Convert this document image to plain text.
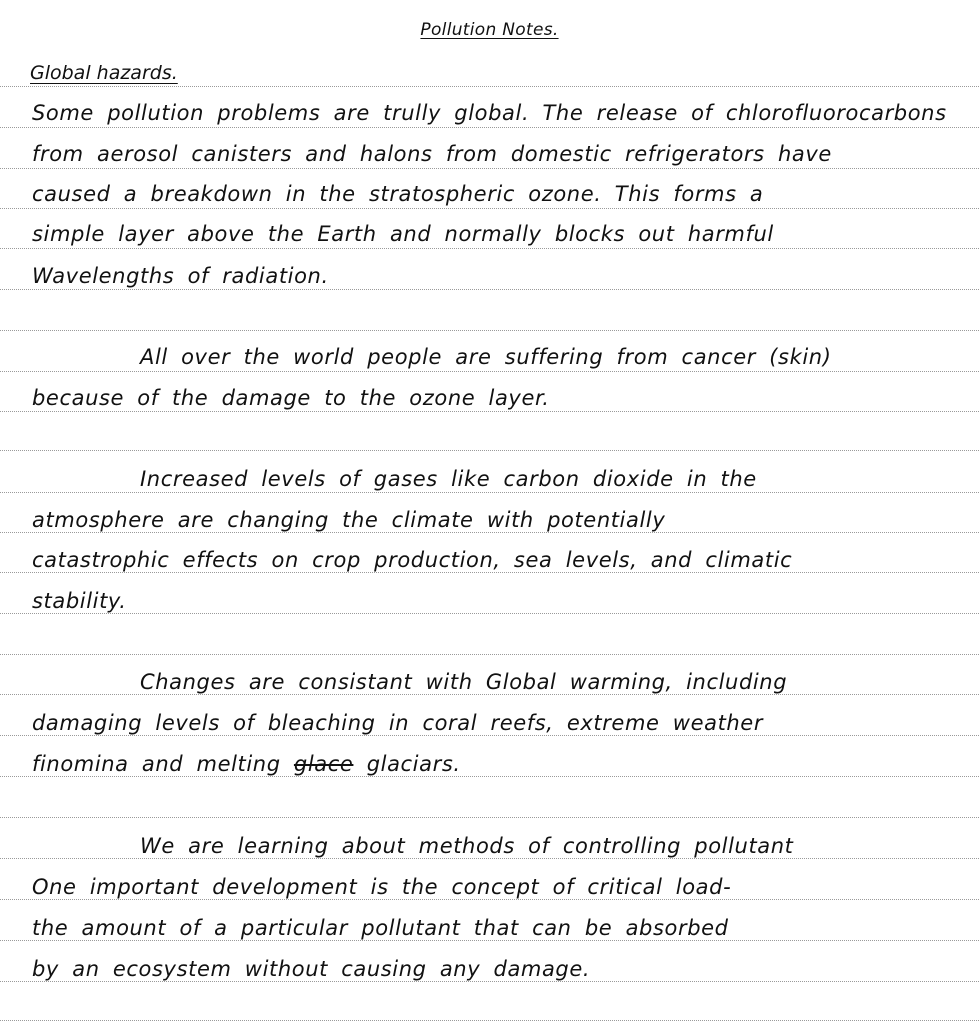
Pollution Notes.
Global hazards.
Some pollution problems are trully global. The release of chlorofluorocarbons
from aerosol canisters and halons from domestic refrigerators have
caused a breakdown in the stratospheric ozone. This forms a
simple layer above the Earth and normally blocks out harmful
Wavelengths of radiation.
All over the world people are suffering from cancer (skin)
because of the damage to the ozone layer.
Increased levels of gases like carbon dioxide in the
atmosphere are changing the climate with potentially
catastrophic effects on crop production, sea levels, and climatic
stability.
Changes are consistant with Global warming, including
damaging levels of bleaching in coral reefs, extreme weather
finomina and melting glace glaciars.
We are learning about methods of controlling pollutant
One important development is the concept of critical load-
the amount of a particular pollutant that can be absorbed
by an ecosystem without causing any damage.
